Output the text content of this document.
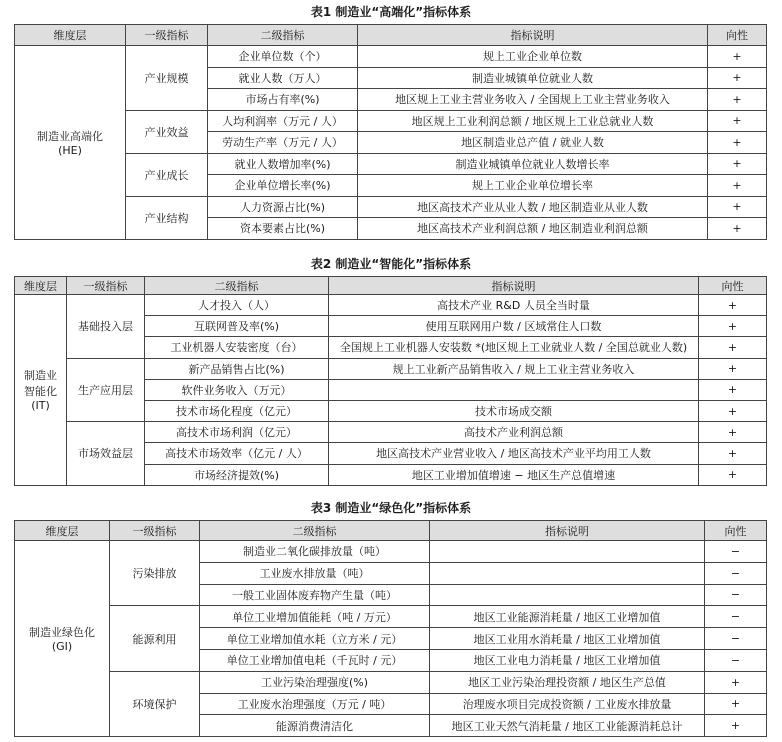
表1 制造业“高端化”指标体系
维度层	一级指标	二级指标	指标说明	向性
制造业高端化
(HE)	产业规模	企业单位数（个）	规上工业企业单位数	+
		就业人数（万人）	制造业城镇单位就业人数	+
		市场占有率(%)	地区规上工业主营业务收入 / 全国规上工业主营业务收入	+
	产业效益	人均利润率（万元 / 人）	地区规上工业利润总额 / 地区规上工业总就业人数	+
		劳动生产率（万元 / 人）	地区制造业总产值 / 就业人数	+
	产业成长	就业人数增加率(%)	制造业城镇单位就业人数增长率	+
		企业单位增长率(%)	规上工业企业单位增长率	+
	产业结构	人力资源占比(%)	地区高技术产业从业人数 / 地区制造业从业人数	+
		资本要素占比(%)	地区高技术产业利润总额 / 地区制造业利润总额	+
表2 制造业“智能化”指标体系
维度层	一级指标	二级指标	指标说明	向性
制造业
智能化
(IT)	基础投入层	人才投入（人）	高技术产业 R&D 人员全当时量	+
		互联网普及率(%)	使用互联网用户数 / 区域常住人口数	+
		工业机器人安装密度（台）	全国规上工业机器人安装数 *(地区规上工业就业人数 / 全国总就业人数)	+
	生产应用层	新产品销售占比(%)	规上工业新产品销售收入 / 规上工业主营业务收入	+
		软件业务收入（万元）		+
		技术市场化程度（亿元）	技术市场成交额	+
	市场效益层	高技术市场利润（亿元）	高技术产业利润总额	+
		高技术市场效率（亿元 / 人）	地区高技术产业营业收入 / 地区高技术产业平均用工人数	+
		市场经济提效(%)	地区工业增加值增速 − 地区生产总值增速	+
表3 制造业“绿色化”指标体系
维度层	一级指标	二级指标	指标说明	向性
制造业绿色化
(GI)	污染排放	制造业二氧化碳排放量（吨）		−
		工业废水排放量（吨）		−
		一般工业固体废弃物产生量（吨）		−
	能源利用	单位工业增加值能耗（吨 / 万元）	地区工业能源消耗量 / 地区工业增加值	−
		单位工业增加值水耗（立方米 / 元）	地区工业用水消耗量 / 地区工业增加值	−
		单位工业增加值电耗（千瓦时 / 元）	地区工业电力消耗量 / 地区工业增加值	−
	环境保护	工业污染治理强度(%)	地区工业污染治理投资额 / 地区生产总值	+
		工业废水治理强度（万元 / 吨）	治理废水项目完成投资额 / 工业废水排放量	+
		能源消费清洁化	地区工业天然气消耗量 / 地区工业能源消耗总计	+
